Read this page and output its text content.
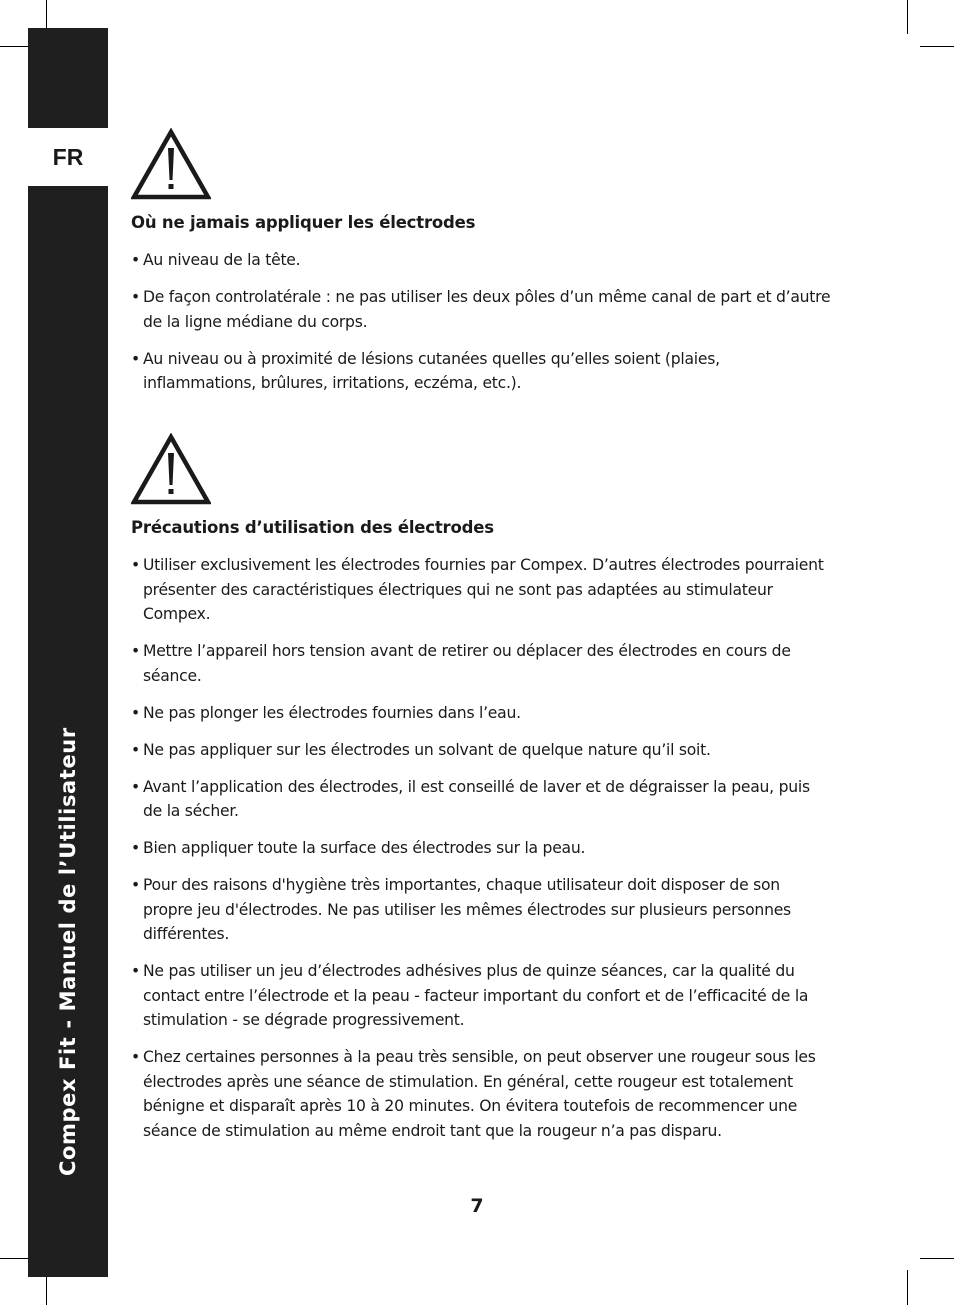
FR
Compex Fit - Manuel de l’Utilisateur
Où ne jamais appliquer les électrodes
• Au niveau de la tête.
• De façon controlatérale : ne pas utiliser les deux pôles d’un même canal de part et d’autre de la ligne médiane du corps.
• Au niveau ou à proximité de lésions cutanées quelles qu’elles soient (plaies, inflammations, brûlures, irritations, eczéma, etc.).
Précautions d’utilisation des électrodes
• Utiliser exclusivement les électrodes fournies par Compex. D’autres électrodes pourraient présenter des caractéristiques électriques qui ne sont pas adaptées au stimulateur Compex.
• Mettre l’appareil hors tension avant de retirer ou déplacer des électrodes en cours de séance.
• Ne pas plonger les électrodes fournies dans l’eau.
• Ne pas appliquer sur les électrodes un solvant de quelque nature qu’il soit.
• Avant l’application des électrodes, il est conseillé de laver et de dégraisser la peau, puis de la sécher.
• Bien appliquer toute la surface des électrodes sur la peau.
• Pour des raisons d'hygiène très importantes, chaque utilisateur doit disposer de son propre jeu d'électrodes. Ne pas utiliser les mêmes électrodes sur plusieurs personnes différentes.
• Ne pas utiliser un jeu d’électrodes adhésives plus de quinze séances, car la qualité du contact entre l’électrode et la peau - facteur important du confort et de l’efficacité de la stimulation - se dégrade progressivement.
• Chez certaines personnes à la peau très sensible, on peut observer une rougeur sous les électrodes après une séance de stimulation. En général, cette rougeur est totalement bénigne et disparaît après 10 à 20 minutes. On évitera toutefois de recommencer une séance de stimulation au même endroit tant que la rougeur n’a pas disparu.
7
